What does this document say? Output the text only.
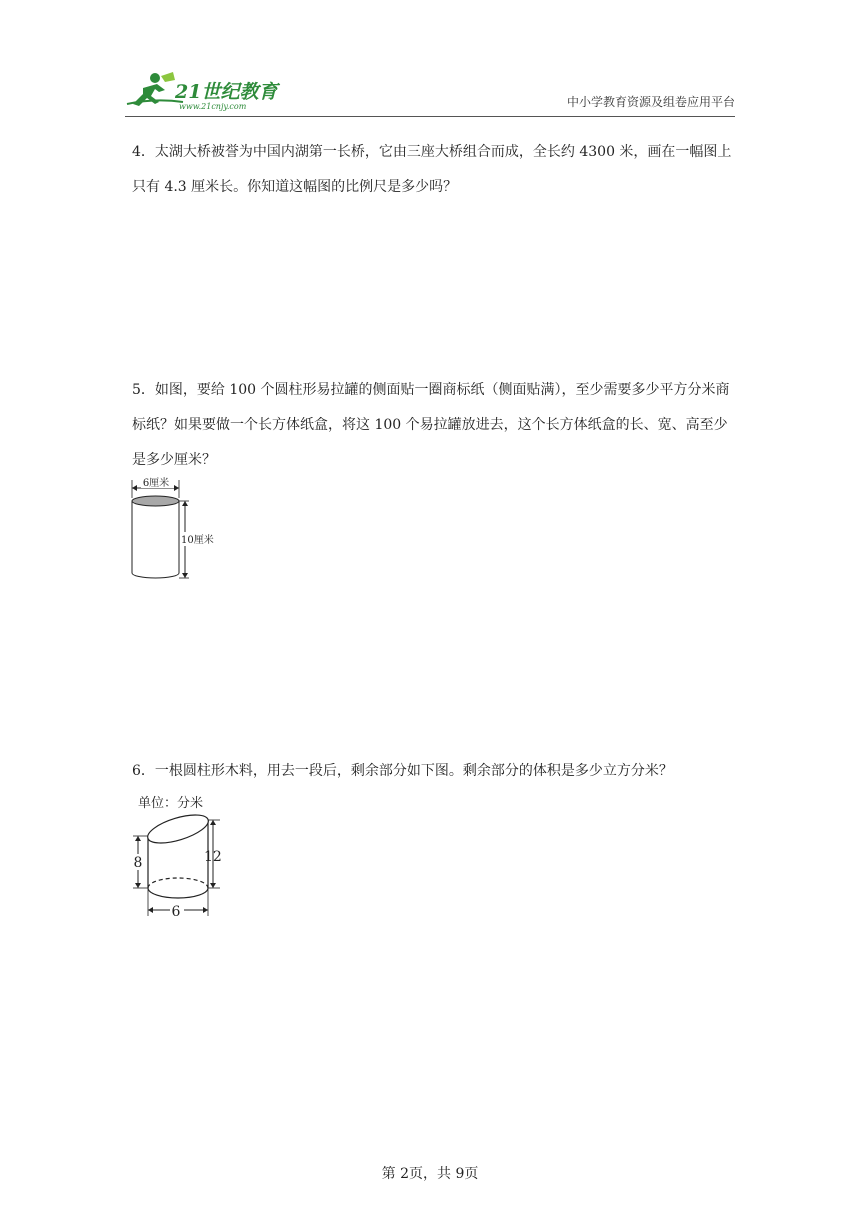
21世纪教育
www.21cnjy.com	中小学教育资源及组卷应用平台

4．太湖大桥被誉为中国内湖第一长桥，它由三座大桥组合而成，全长约 4300 米，画在一幅图上只有 4.3 厘米长。你知道这幅图的比例尺是多少吗？

5．如图，要给 100 个圆柱形易拉罐的侧面贴一圈商标纸（侧面贴满），至少需要多少平方分米商标纸？如果要做一个长方体纸盒，将这 100 个易拉罐放进去，这个长方体纸盒的长、宽、高至少是多少厘米？

6厘米
10厘米

6．一根圆柱形木料，用去一段后，剩余部分如下图。剩余部分的体积是多少立方分米？

单位：分米
8	12
6
第 2页，共 9页
